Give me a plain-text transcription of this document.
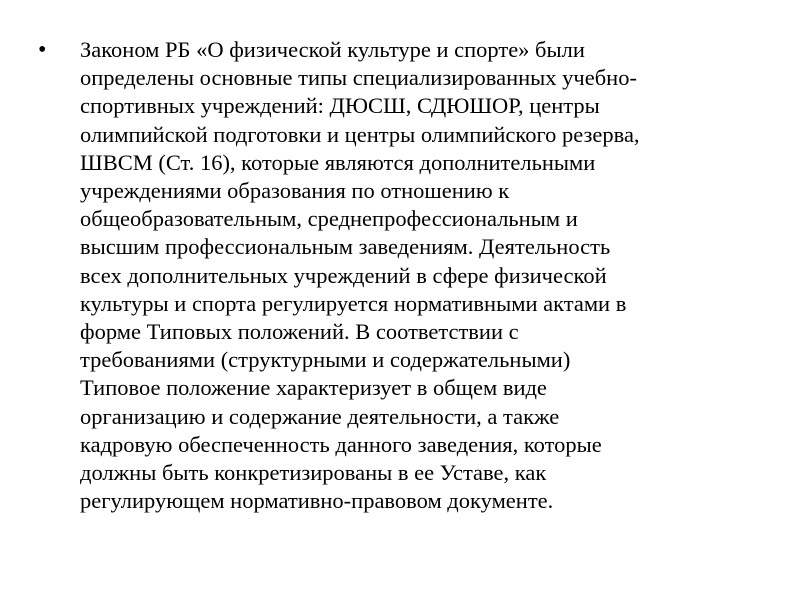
•	Законом РБ «О физической культуре и спорте» были
определены основные типы специализированных учебно-
спортивных учреждений: ДЮСШ, СДЮШОР, центры
олимпийской подготовки и центры олимпийского резерва,
ШВСМ (Ст. 16), которые являются дополнительными
учреждениями образования по отношению к
общеобразовательным, среднепрофессиональным и
высшим профессиональным заведениям. Деятельность
всех дополнительных учреждений в сфере физической
культуры и спорта регулируется нормативными актами в
форме Типовых положений. В соответствии с
требованиями (структурными и содержательными)
Типовое положение характеризует в общем виде
организацию и содержание деятельности, а также
кадровую обеспеченность данного заведения, которые
должны быть конкретизированы в ее Уставе, как
регулирующем нормативно-правовом документе.
